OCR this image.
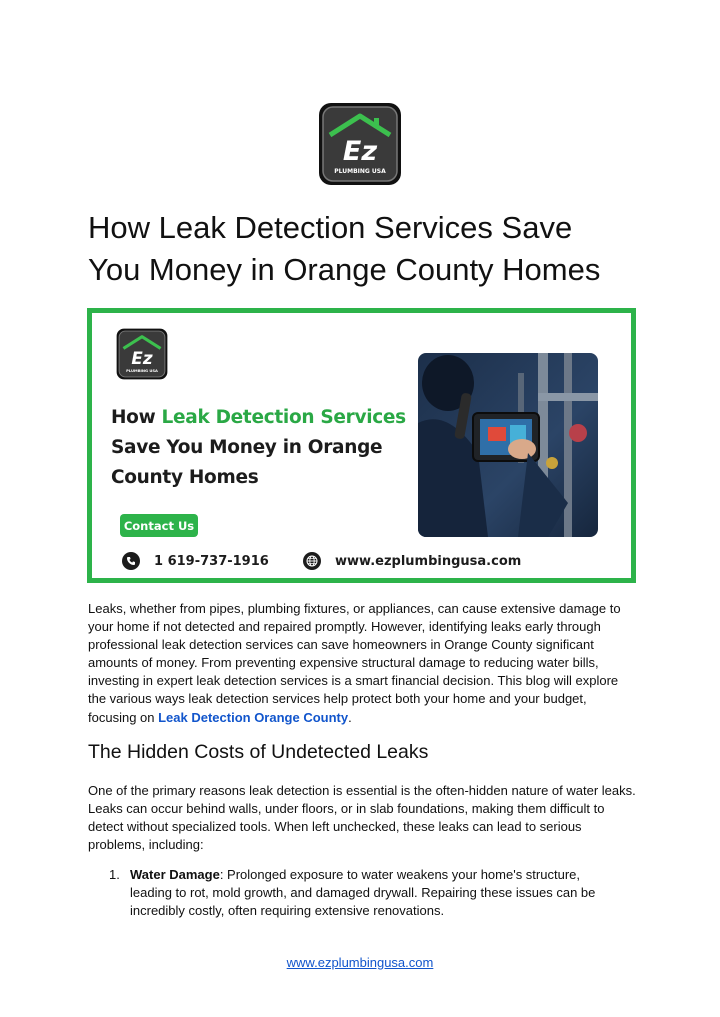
Ez
PLUMBING USA
How Leak Detection Services Save
You Money in Orange County Homes
Ez
PLUMBING USA
How Leak Detection Services
Save You Money in Orange
County Homes
Contact Us
1 619-737-1916	www.ezplumbingusa.com

Leaks, whether from pipes, plumbing fixtures, or appliances, can cause extensive damage to your home if not detected and repaired promptly. However, identifying leaks early through professional leak detection services can save homeowners in Orange County significant amounts of money. From preventing expensive structural damage to reducing water bills, investing in expert leak detection services is a smart financial decision. This blog will explore the various ways leak detection services help protect both your home and your budget, focusing on Leak Detection Orange County.

The Hidden Costs of Undetected Leaks

One of the primary reasons leak detection is essential is the often-hidden nature of water leaks. Leaks can occur behind walls, under floors, or in slab foundations, making them difficult to detect without specialized tools. When left unchecked, these leaks can lead to serious problems, including:

1. Water Damage: Prolonged exposure to water weakens your home's structure, leading to rot, mold growth, and damaged drywall. Repairing these issues can be incredibly costly, often requiring extensive renovations.
www.ezplumbingusa.com
